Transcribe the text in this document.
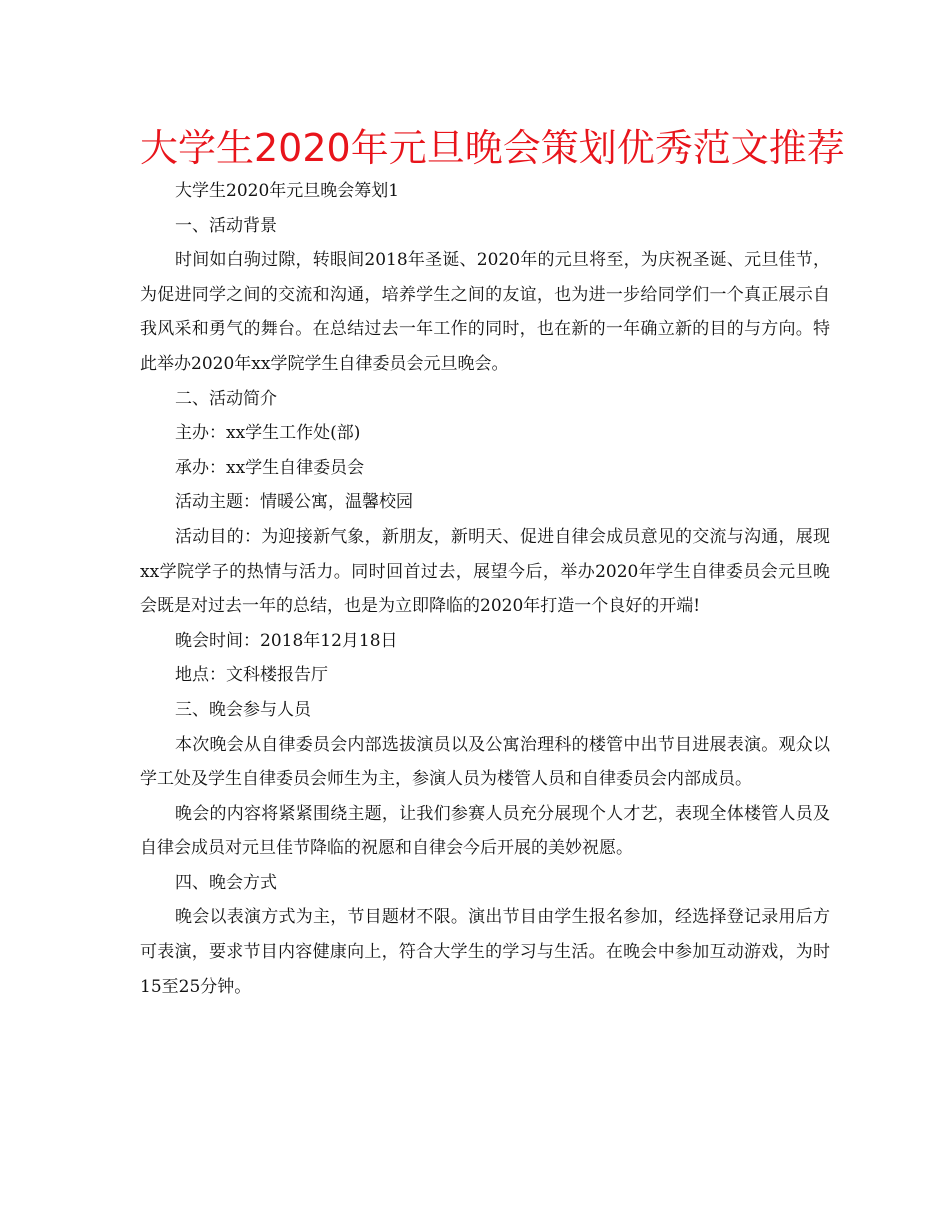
大学生2020年元旦晚会策划优秀范文推荐

大学生2020年元旦晚会筹划1

一、活动背景

时间如白驹过隙，转眼间2018年圣诞、2020年的元旦将至，为庆祝圣诞、元旦佳节，为促进同学之间的交流和沟通，培养学生之间的友谊，也为进一步给同学们一个真正展示自我风采和勇气的舞台。在总结过去一年工作的同时，也在新的一年确立新的目的与方向。特此举办2020年xx学院学生自律委员会元旦晚会。

二、活动简介

主办：xx学生工作处(部)

承办：xx学生自律委员会

活动主题：情暖公寓，温馨校园

活动目的：为迎接新气象，新朋友，新明天、促进自律会成员意见的交流与沟通，展现xx学院学子的热情与活力。同时回首过去，展望今后，举办2020年学生自律委员会元旦晚会既是对过去一年的总结，也是为立即降临的2020年打造一个良好的开端!

晚会时间：2018年12月18日

地点：文科楼报告厅

三、晚会参与人员

本次晚会从自律委员会内部选拔演员以及公寓治理科的楼管中出节目进展表演。观众以学工处及学生自律委员会师生为主，参演人员为楼管人员和自律委员会内部成员。

晚会的内容将紧紧围绕主题，让我们参赛人员充分展现个人才艺，表现全体楼管人员及自律会成员对元旦佳节降临的祝愿和自律会今后开展的美妙祝愿。

四、晚会方式

晚会以表演方式为主，节目题材不限。演出节目由学生报名参加，经选择登记录用后方可表演，要求节目内容健康向上，符合大学生的学习与生活。在晚会中参加互动游戏，为时15至25分钟。
